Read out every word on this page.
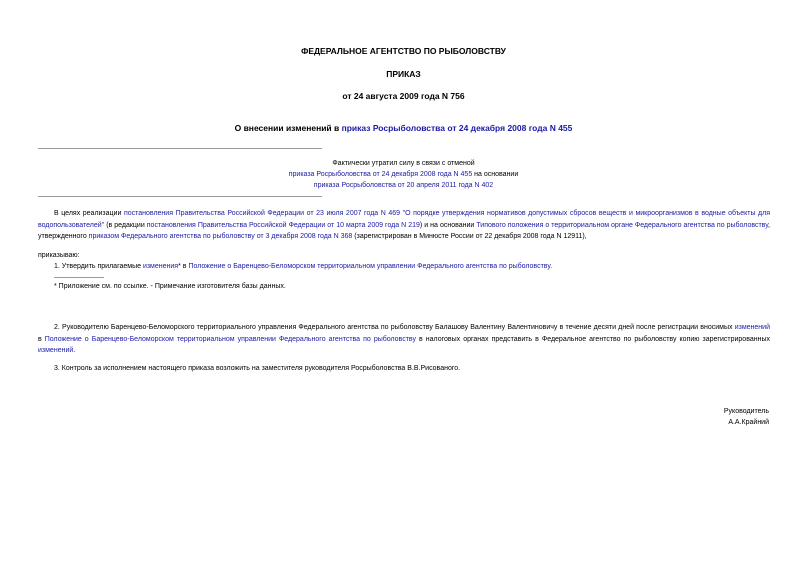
ФЕДЕРАЛЬНОЕ АГЕНТСТВО ПО РЫБОЛОВСТВУ
ПРИКАЗ
от 24 августа 2009 года N 756
О внесении изменений в приказ Росрыболовства от 24 декабря 2008 года N 455
Фактически утратил силу в связи с отменой
приказа Росрыболовства от 24 декабря 2008 года N 455 на основании
приказа Росрыболовства от 20 апреля 2011 года N 402
В целях реализации постановления Правительства Российской Федерации от 23 июля 2007 года N 469 "О порядке утверждения нормативов допустимых сбросов веществ и микроорганизмов в водные объекты для водопользователей" (в редакции постановления Правительства Российской Федерации от 10 марта 2009 года N 219) и на основании Типового положения о территориальном органе Федерального агентства по рыболовству, утвержденного приказом Федерального агентства по рыболовству от 3 декабря 2008 года N 368 (зарегистрирован в Минюсте России от 22 декабря 2008 года N 12911),
приказываю:
1. Утвердить прилагаемые изменения* в Положение о Баренцево-Беломорском территориальном управлении Федерального агентства по рыболовству.
* Приложение см. по ссылке. - Примечание изготовителя базы данных.
2. Руководителю Баренцево-Беломорского территориального управления Федерального агентства по рыболовству Балашову Валентину Валентиновичу в течение десяти дней после регистрации вносимых изменений в Положение о Баренцево-Беломорском территориальном управлении Федерального агентства по рыболовству в налоговых органах представить в Федеральное агентство по рыболовству копию зарегистрированных изменений.
3. Контроль за исполнением настоящего приказа возложить на заместителя руководителя Росрыболовства В.В.Рисованого.
Руководитель
А.А.Крайний
